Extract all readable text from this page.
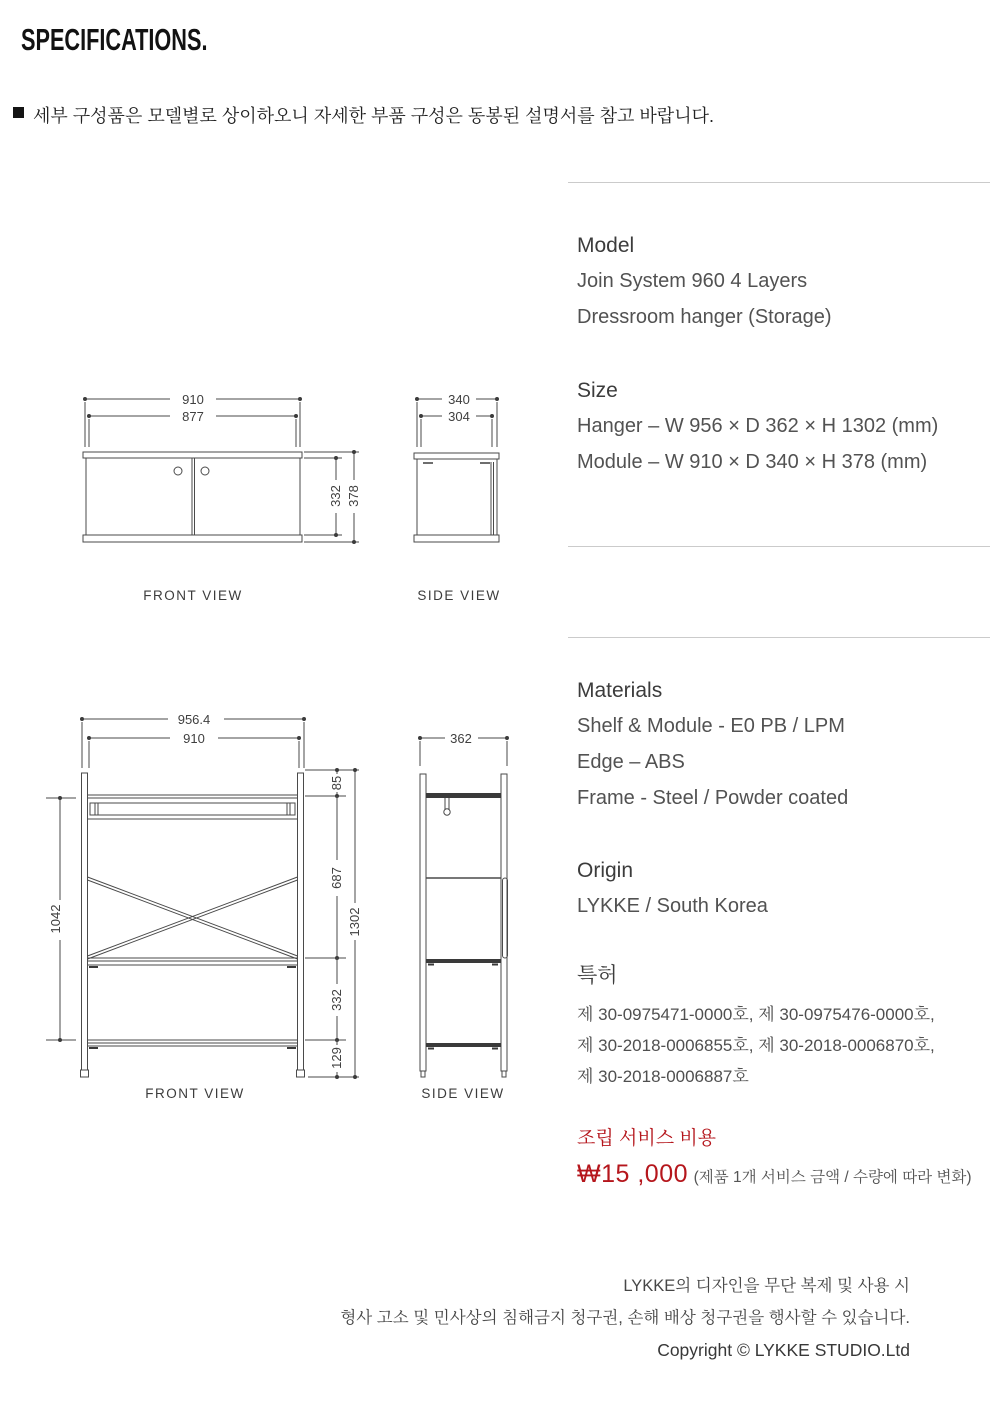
SPECIFICATIONS.
세부 구성품은 모델별로 상이하오니 자세한 부품 구성은 동봉된 설명서를 참고 바랍니다.
910
877
332 378
FRONT VIEW
340
304
SIDE VIEW
956.4
910
1042
85
687
332
129
1302
FRONT VIEW
362
SIDE VIEW
Model

Join System 960 4 Layers

Dressroom hanger (Storage)

Size

Hanger – W 956 × D 362 × H 1302 (mm)

Module – W 910 × D 340 × H 378 (mm)

Materials

Shelf & Module - E0 PB / LPM

Edge – ABS

Frame - Steel / Powder coated

Origin

LYKKE / South Korea

특허

제 30-0975471-0000호, 제 30-0975476-0000호,

제 30-2018-0006855호, 제 30-2018-0006870호,

제 30-2018-0006887호

조립 서비스 비용

₩15 ,000 (제품 1개 서비스 금액 / 수량에 따라 변화)

LYKKE의 디자인을 무단 복제 및 사용 시

형사 고소 및 민사상의 침해금지 청구권, 손해 배상 청구권을 행사할 수 있습니다.

Copyright © LYKKE STUDIO.Ltd
